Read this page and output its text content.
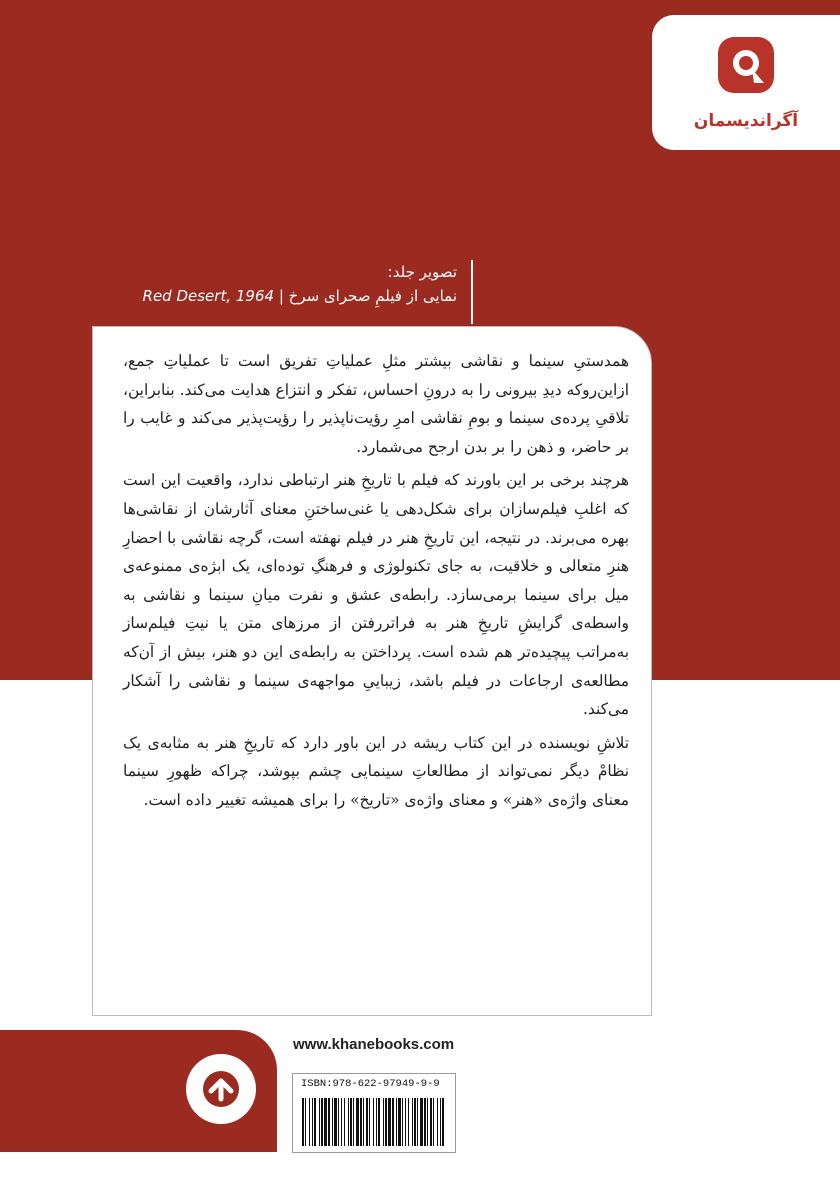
آگراندیسمان
تصویر جلد:
نمایی از فیلمِ صحرای سرخ | Red Desert, 1964

همدستیِ سینما و نقاشی بیشتر مثلِ عملیاتِ تفریق است تا عملیاتِ جمع، ازاین‌روکه دیدِ بیرونی را به درونِ احساس، تفکر و انتزاع هدایت می‌کند. بنابراین، تلاقیِ پرده‌ی سینما و بومِ نقاشی امرِ رؤیت‌ناپذیر را رؤیت‌پذیر می‌کند و غایب را بر حاضر، و ذهن را بر بدن ارجح می‌شمارد.

هرچند برخی بر این باورند که فیلم با تاریخِ هنر ارتباطی ندارد، واقعیت این است که اغلبِ فیلم‌سازان برای شکل‌دهی یا غنی‌ساختنِ معنای آثارشان از نقاشی‌ها بهره می‌برند. در نتیجه، این تاریخِ هنر در فیلم نهفته است، گرچه نقاشی با احضارِ هنرِ متعالی و خلاقیت، به جای تکنولوژی و فرهنگِ توده‌ای، یک ابژه‌ی ممنوعه‌ی میل برای سینما برمی‌سازد. رابطه‌ی عشق و نفرت میانِ سینما و نقاشی به واسطه‌ی گرایشِ تاریخِ هنر به فراتررفتن از مرزهای متن یا نیتِ فیلم‌ساز به‌مراتب پیچیده‌تر هم شده است. پرداختن به رابطه‌ی این دو هنر، بیش از آن‌که مطالعه‌ی ارجاعات در فیلم باشد، زیباییِ مواجهه‌ی سینما و نقاشی را آشکار می‌کند.

تلاشِ نویسنده در این کتاب ریشه در این باور دارد که تاریخِ هنر به مثابه‌ی یک نظامْ دیگر نمی‌تواند از مطالعاتِ سینمایی چشم بپوشد، چراکه ظهورِ سینما معنای واژه‌ی «هنر» و معنای واژه‌ی «تاریخ» را برای همیشه تغییر داده است.

www.khanebooks.com
ISBN:978-622-97949-9-9
